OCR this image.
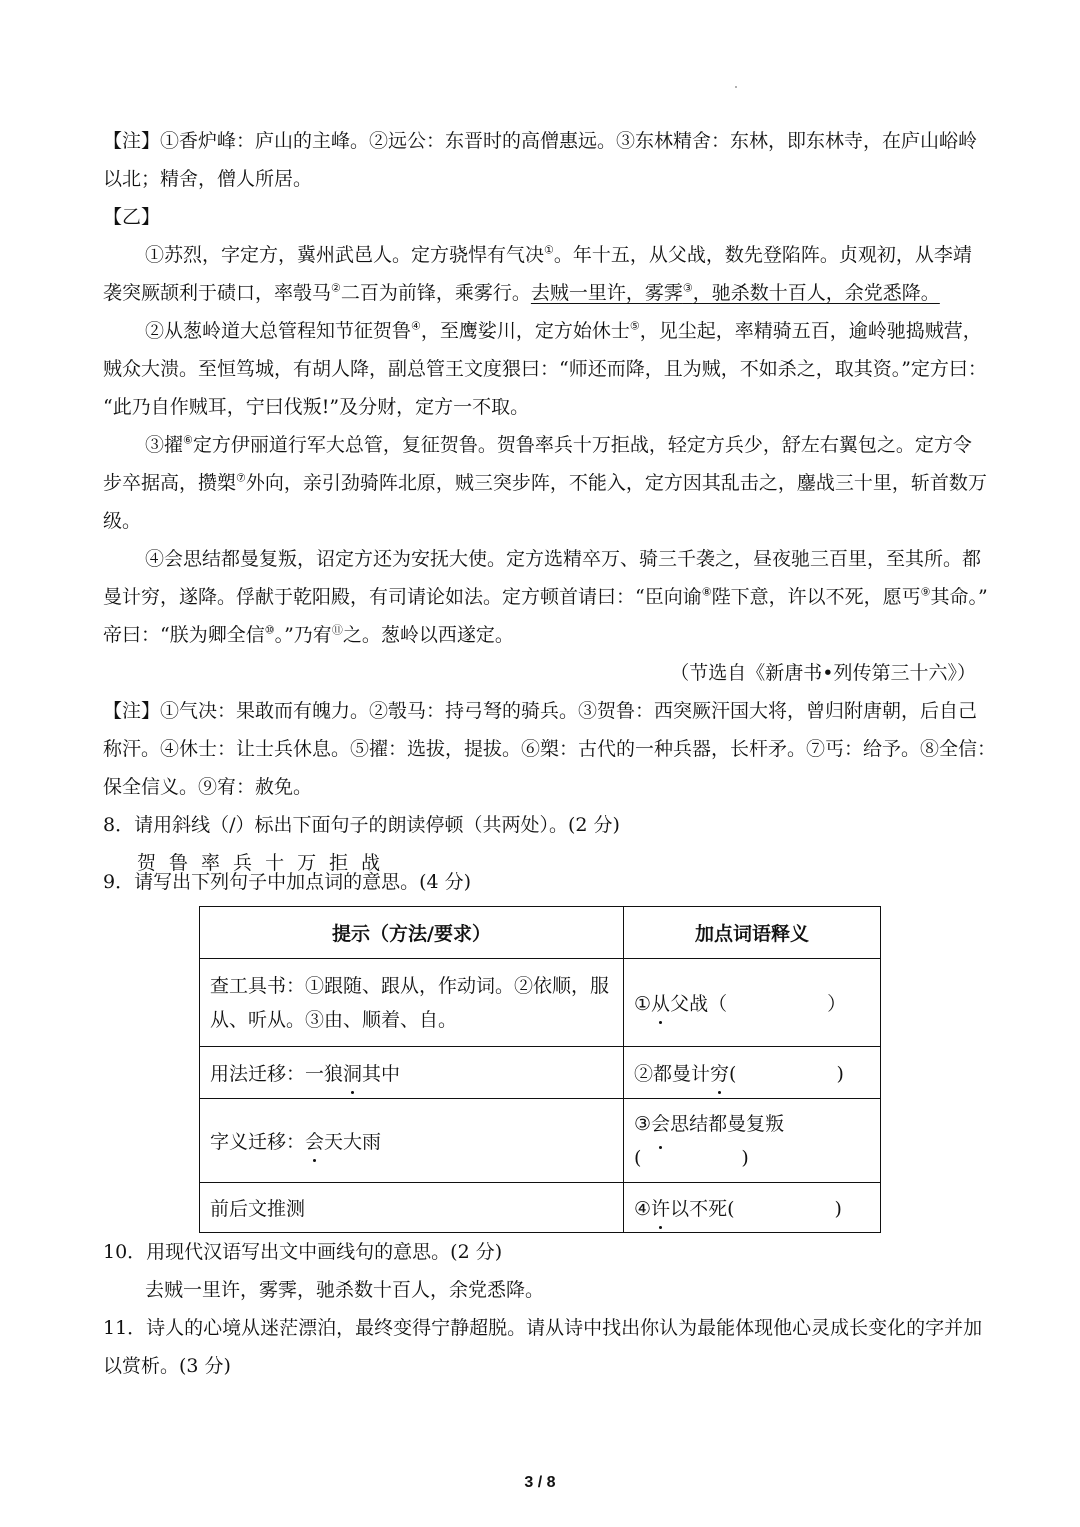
【注】①香炉峰：庐山的主峰。②远公：东晋时的高僧惠远。③东林精舍：东林，即东林寺，在庐山峪岭
以北；精舍，僧人所居。
【乙】
①苏烈，字定方，冀州武邑人。定方骁悍有气决①。年十五，从父战，数先登陷阵。贞观初，从李靖
袭突厥颉利于碛口，率彀马②二百为前锋，乘雾行。去贼一里许，雾霁③，驰杀数十百人，余党悉降。
②从葱岭道大总管程知节征贺鲁④，至鹰娑川，定方始休士⑤，见尘起，率精骑五百，逾岭驰捣贼营，
贼众大溃。至恒笃城，有胡人降，副总管王文度猥曰：“师还而降，且为贼，不如杀之，取其资。”定方曰：
“此乃自作贼耳，宁曰伐叛!”及分财，定方一不取。
③擢⑥定方伊丽道行军大总管，复征贺鲁。贺鲁率兵十万拒战，轻定方兵少，舒左右翼包之。定方令
步卒据高，攒槊⑦外向，亲引劲骑阵北原，贼三突步阵，不能入，定方因其乱击之，鏖战三十里，斩首数万
级。
④会思结都曼复叛，诏定方还为安抚大使。定方选精卒万、骑三千袭之，昼夜驰三百里，至其所。都
曼计穷，遂降。俘献于乾阳殿，有司请论如法。定方顿首请曰：“臣向谕⑧陛下意，许以不死，愿丐⑨其命。”
帝曰：“朕为卿全信⑩。”乃宥⑪之。葱岭以西遂定。
（节选自《新唐书•列传第三十六》）
【注】①气决：果敢而有魄力。②彀马：持弓弩的骑兵。③贺鲁：西突厥汗国大将，曾归附唐朝，后自己
称汗。④休士：让士兵休息。⑤擢：选拔，提拔。⑥槊：古代的一种兵器，长杆矛。⑦丐：给予。⑧全信：
保全信义。⑨宥：赦免。
8．请用斜线（/）标出下面句子的朗读停顿（共两处）。(2 分)
贺 鲁 率 兵 十 万 拒 战
9．请写出下列句子中加点词的意思。(4 分)
提示（方法/要求）	加点词语释义

查工具书：①跟随、跟从，作动词。②依顺，服
从、听从。③由、顺着、自。	①从父战（ ）
用法迁移：一狼洞其中	②都曼计穷( )
字义迁移：会天大雨	③会思结都曼复叛
( )

前后文推测	④许以不死( )
10．用现代汉语写出文中画线句的意思。(2 分)
去贼一里许，雾霁，驰杀数十百人，余党悉降。
11．诗人的心境从迷茫漂泊，最终变得宁静超脱。请从诗中找出你认为最能体现他心灵成长变化的字并加
以赏析。(3 分)
3 / 8
